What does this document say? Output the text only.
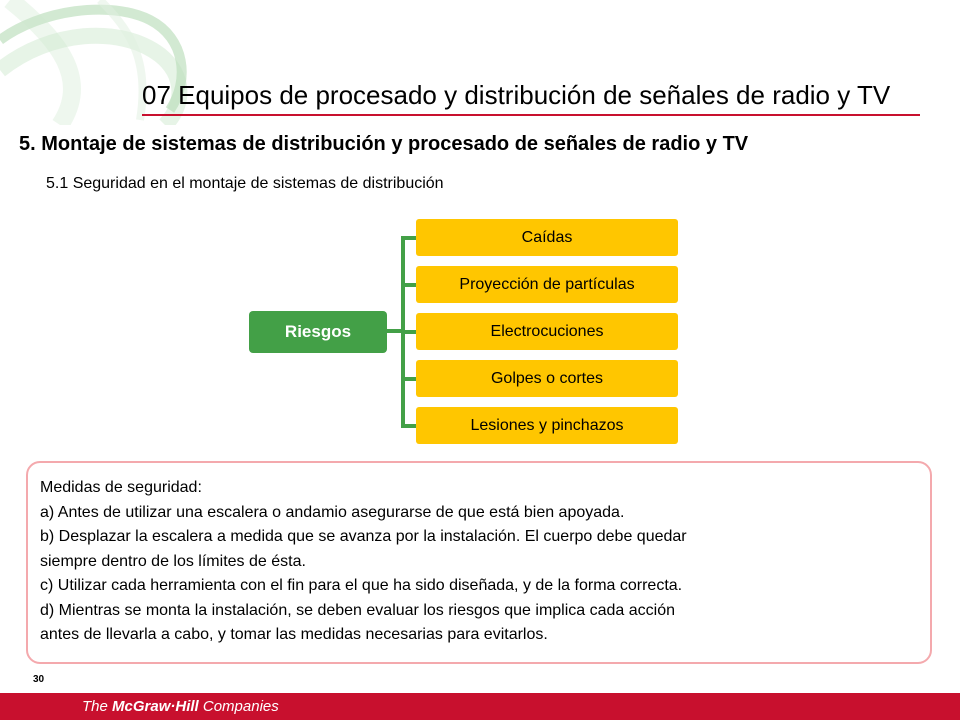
07 Equipos de procesado y distribución de señales de radio y TV
5. Montaje de sistemas de distribución y procesado de señales de radio y TV
5.1 Seguridad en el montaje de sistemas de distribución
Riesgos
Caídas
Proyección de partículas
Electrocuciones
Golpes o cortes
Lesiones y pinchazos
Medidas de seguridad:
a) Antes de utilizar una escalera o andamio asegurarse de que está bien apoyada.
b) Desplazar la escalera a medida que se avanza por la instalación. El cuerpo debe quedar
siempre dentro de los límites de ésta.
c) Utilizar cada herramienta con el fin para el que ha sido diseñada, y de la forma correcta.
d) Mientras se monta la instalación, se deben evaluar los riesgos que implica cada acción
antes de llevarla a cabo, y tomar las medidas necesarias para evitarlos.
30
The McGraw·Hill Companies
